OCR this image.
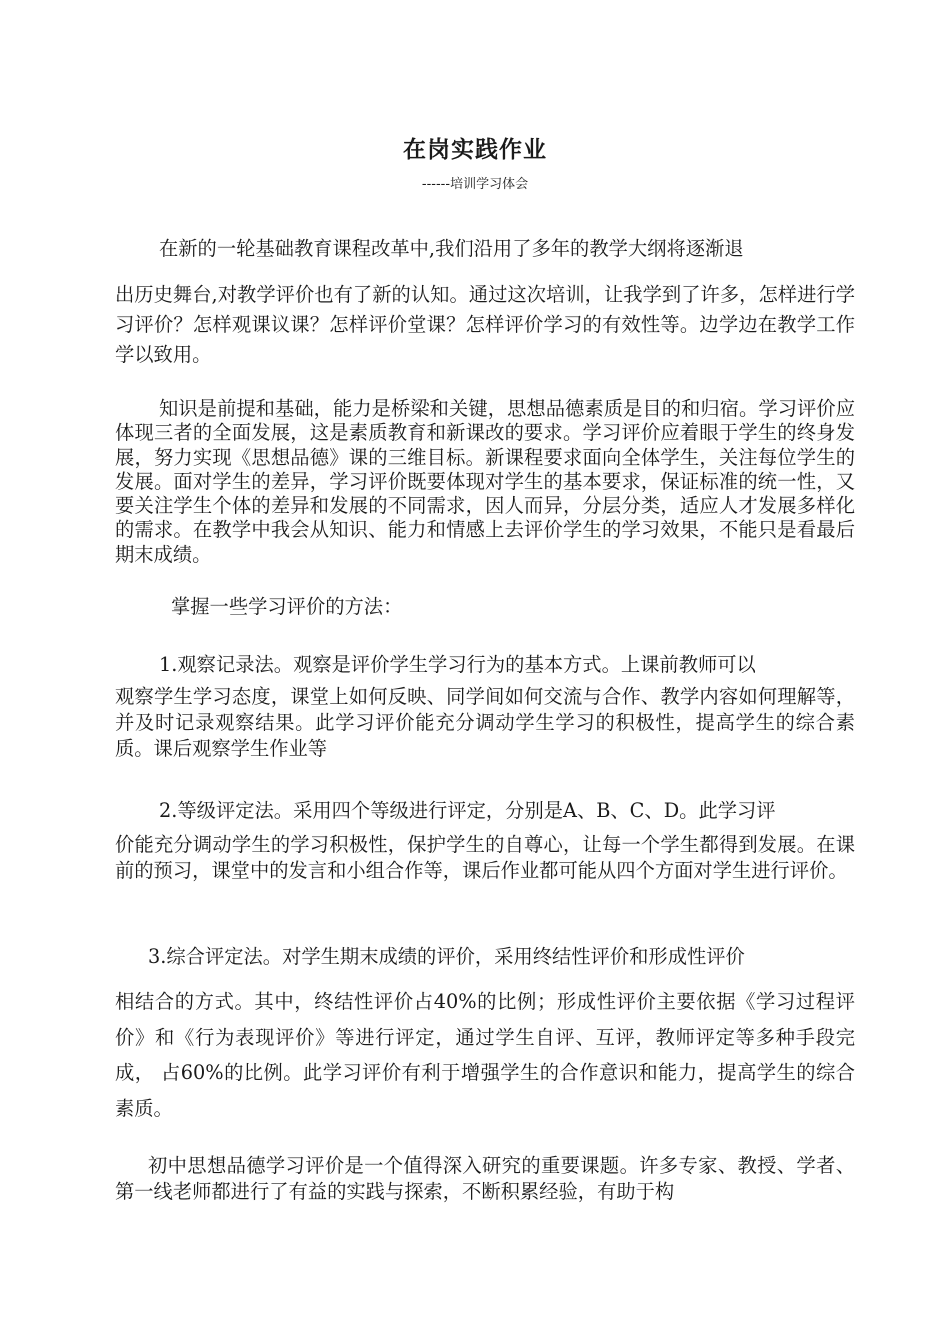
在岗实践作业
------培训学习体会
在新的一轮基础教育课程改革中,我们沿用了多年的教学大纲将逐渐退
出历史舞台,对教学评价也有了新的认知。通过这次培训，让我学到了许多，怎样进行学习评价？怎样观课议课？怎样评价堂课？怎样评价学习的有效性等。边学边在教学工作学以致用。

知识是前提和基础，能力是桥梁和关键，思想品德素质是目的和归宿。学习评价应体现三者的全面发展，这是素质教育和新课改的要求。学习评价应着眼于学生的终身发展，努力实现《思想品德》课的三维目标。新课程要求面向全体学生，关注每位学生的发展。面对学生的差异，学习评价既要体现对学生的基本要求，保证标准的统一性，又要关注学生个体的差异和发展的不同需求，因人而异，分层分类，适应人才发展多样化的需求。在教学中我会从知识、能力和情感上去评价学生的学习效果，不能只是看最后期末成绩。

掌握一些学习评价的方法：

1.观察记录法。观察是评价学生学习行为的基本方式。上课前教师可以
观察学生学习态度，课堂上如何反映、同学间如何交流与合作、教学内容如何理解等，并及时记录观察结果。此学习评价能充分调动学生学习的积极性，提高学生的综合素质。课后观察学生作业等
2.等级评定法。采用四个等级进行评定，分别是A、B、C、D。此学习评
价能充分调动学生的学习积极性，保护学生的自尊心，让每一个学生都得到发展。在课前的预习，课堂中的发言和小组合作等，课后作业都可能从四个方面对学生进行评价。
3.综合评定法。对学生期末成绩的评价，采用终结性评价和形成性评价
相结合的方式。其中，终结性评价占40%的比例；形成性评价主要依据《学习过程评价》和《行为表现评价》等进行评定，通过学生自评、互评，教师评定等多种手段完成， 占60%的比例。此学习评价有利于增强学生的合作意识和能力，提高学生的综合素质。

初中思想品德学习评价是一个值得深入研究的重要课题。许多专家、教授、学者、第一线老师都进行了有益的实践与探索，不断积累经验，有助于构
